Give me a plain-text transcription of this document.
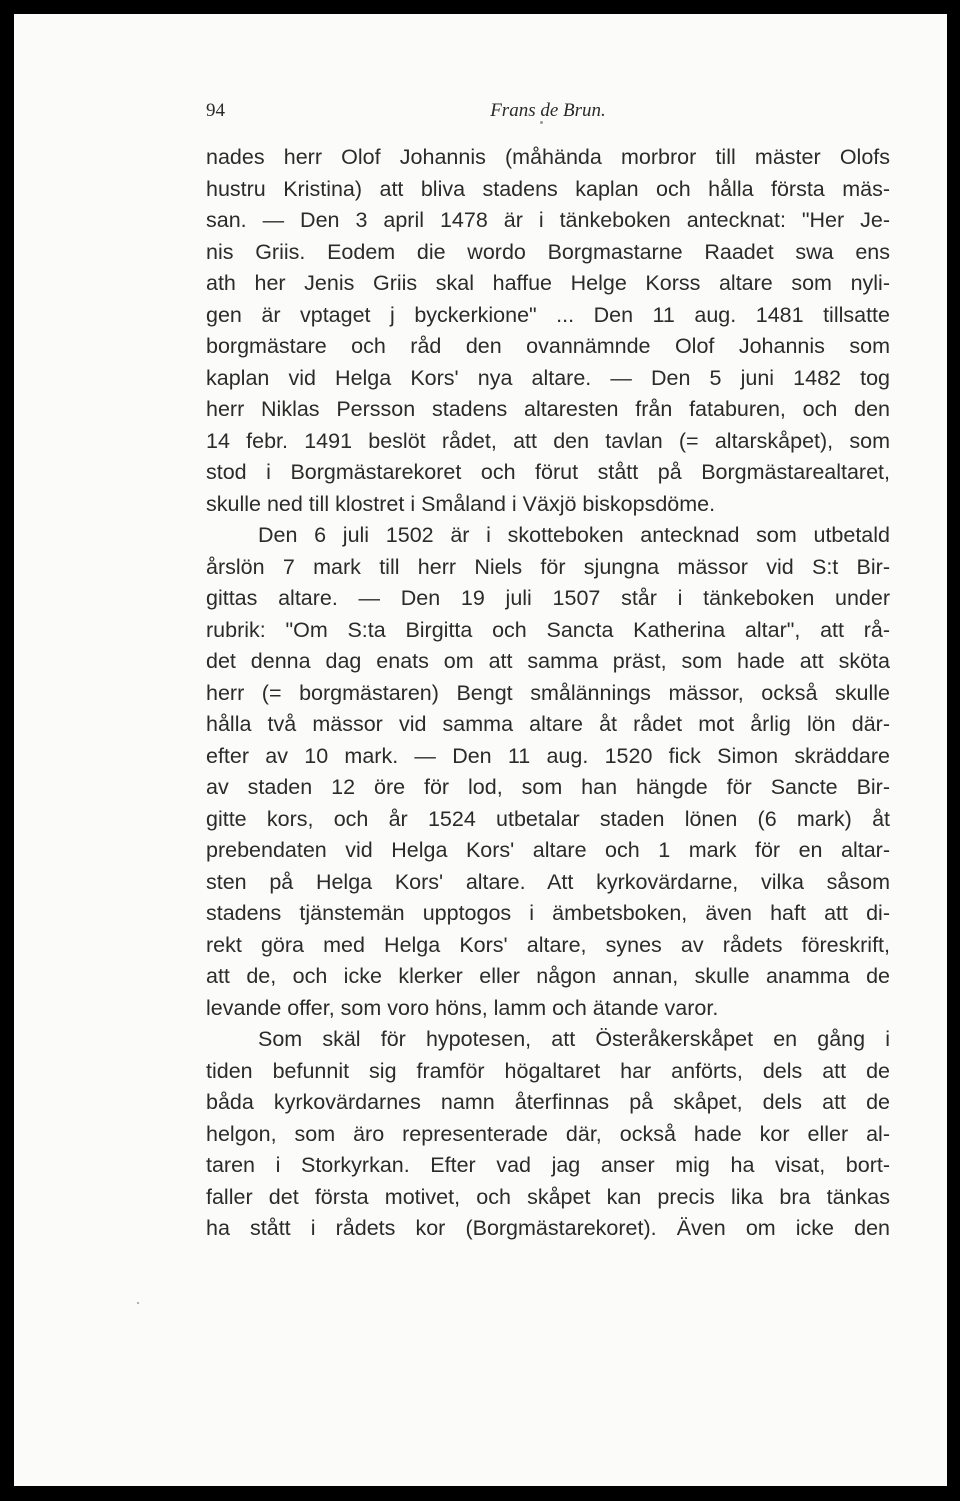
94	Frans de Brun.
nades herr Olof Johannis (måhända morbror till mäster Olofs
hustru Kristina) att bliva stadens kaplan och hålla första mäs-
san. — Den 3 april 1478 är i tänkeboken antecknat: "Her Je-
nis Griis. Eodem die wordo Borgmastarne Raadet swa ens
ath her Jenis Griis skal haffue Helge Korss altare som nyli-
gen är vptaget j byckerkione" ... Den 11 aug. 1481 tillsatte
borgmästare och råd den ovannämnde Olof Johannis som
kaplan vid Helga Kors' nya altare. — Den 5 juni 1482 tog
herr Niklas Persson stadens altaresten från fataburen, och den
14 febr. 1491 beslöt rådet, att den tavlan (= altarskåpet), som
stod i Borgmästarekoret och förut stått på Borgmästarealtaret,
skulle ned till klostret i Småland i Växjö biskopsdöme.
Den 6 juli 1502 är i skotteboken antecknad som utbetald
årslön 7 mark till herr Niels för sjungna mässor vid S:t Bir-
gittas altare. — Den 19 juli 1507 står i tänkeboken under
rubrik: "Om S:ta Birgitta och Sancta Katherina altar", att rå-
det denna dag enats om att samma präst, som hade att sköta
herr (= borgmästaren) Bengt smålännings mässor, också skulle
hålla två mässor vid samma altare åt rådet mot årlig lön där-
efter av 10 mark. — Den 11 aug. 1520 fick Simon skräddare
av staden 12 öre för lod, som han hängde för Sancte Bir-
gitte kors, och år 1524 utbetalar staden lönen (6 mark) åt
prebendaten vid Helga Kors' altare och 1 mark för en altar-
sten på Helga Kors' altare. Att kyrkovärdarne, vilka såsom
stadens tjänstemän upptogos i ämbetsboken, även haft att di-
rekt göra med Helga Kors' altare, synes av rådets föreskrift,
att de, och icke klerker eller någon annan, skulle anamma de
levande offer, som voro höns, lamm och ätande varor.
Som skäl för hypotesen, att Österåkerskåpet en gång i
tiden befunnit sig framför högaltaret har anförts, dels att de
båda kyrkovärdarnes namn återfinnas på skåpet, dels att de
helgon, som äro representerade där, också hade kor eller al-
taren i Storkyrkan. Efter vad jag anser mig ha visat, bort-
faller det första motivet, och skåpet kan precis lika bra tänkas
ha stått i rådets kor (Borgmästarekoret). Även om icke den
